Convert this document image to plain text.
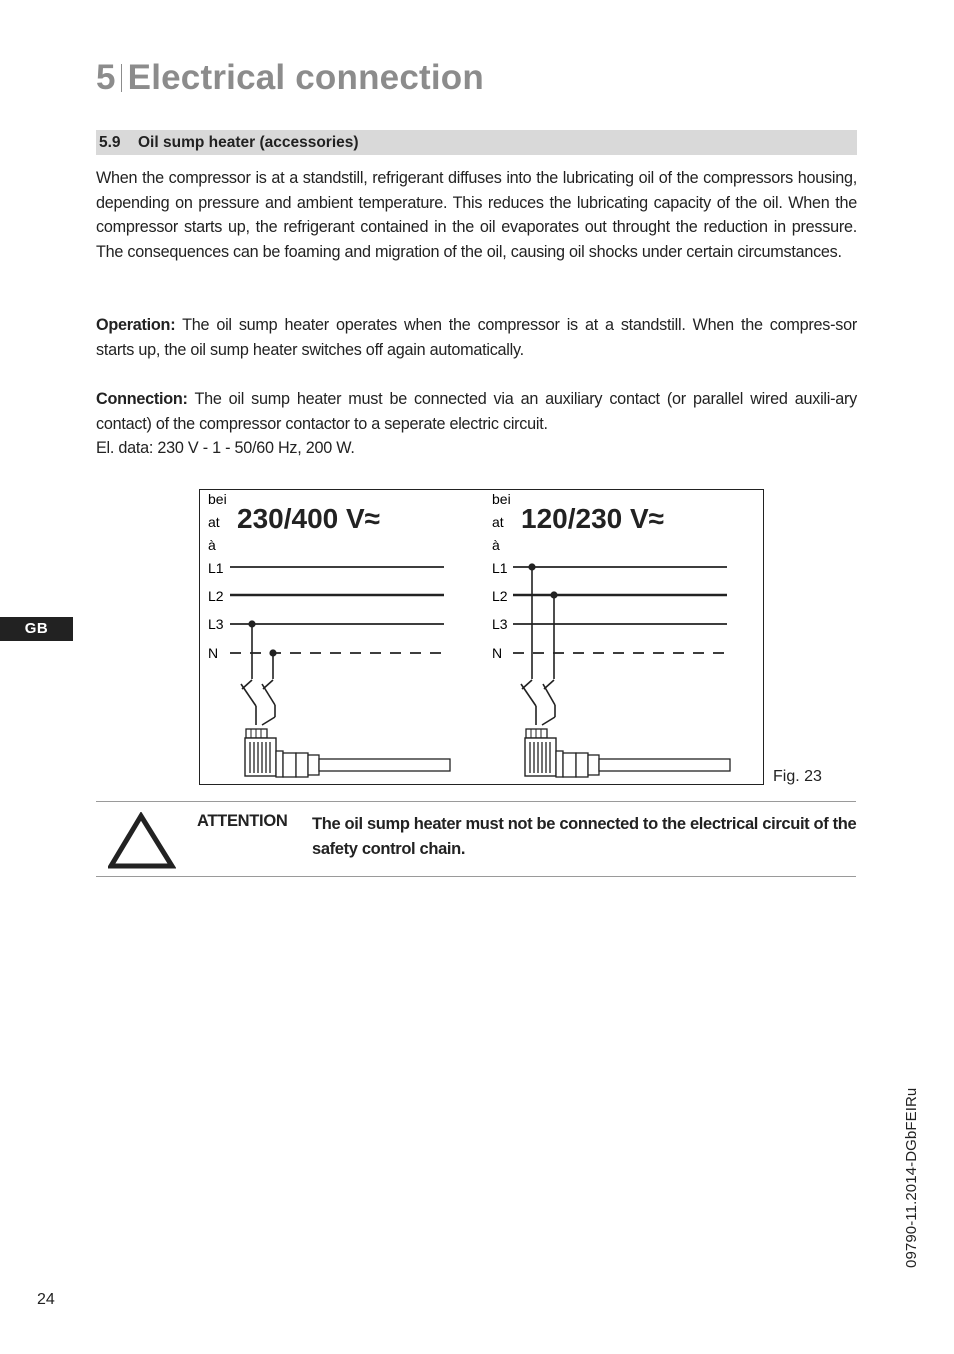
5 Electrical connection
5.9 Oil sump heater (accessories)

When the compressor is at a standstill, refrigerant diffuses into the lubricating oil of the compressors housing, depending on pressure and ambient temperature. This reduces the lubricating capacity of the oil. When the compressor starts up, the refrigerant contained in the oil evaporates out throught the reduction in pressure. The consequences can be foaming and migration of the oil, causing oil shocks under certain circumstances.

Operation: The oil sump heater operates when the compressor is at a standstill. When the compres-sor starts up, the oil sump heater switches off again automatically.

Connection: The oil sump heater must be connected via an auxiliary contact (or parallel wired auxili-ary contact) of the compressor contactor to a seperate electric circuit.
El. data: 230 V - 1 - 50/60 Hz, 200 W.

GB
bei
at
à
230/400 V≈
L1
L2
L3
N
bei
at
à
120/230 V≈
L1
L2
L3
N
Fig. 23
ATTENTION The oil sump heater must not be connected to the electrical circuit of the safety control chain.
09790-11.2014-DGbFEIRu
24
